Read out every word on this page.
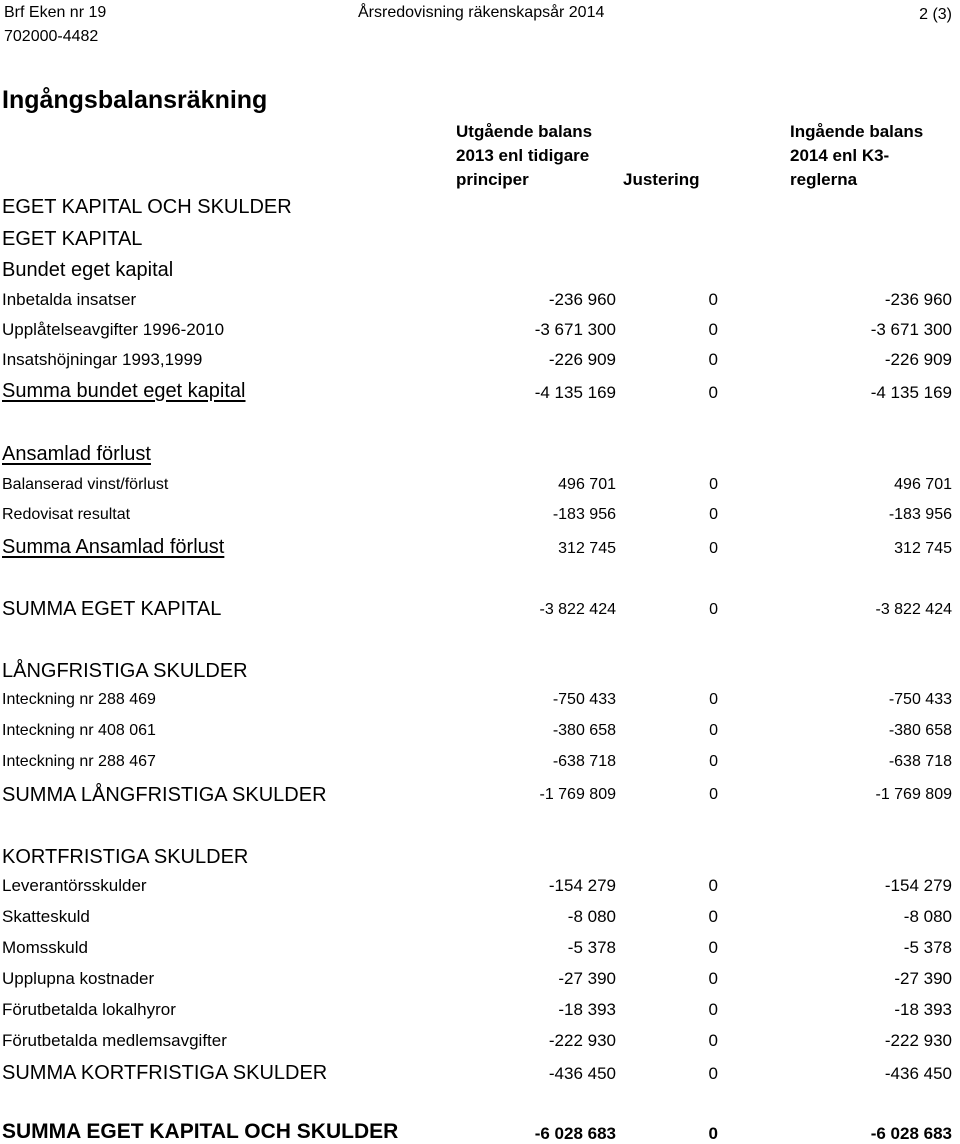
Brf Eken nr 19
702000-4482
Årsredovisning räkenskapsår 2014	2 (3)
Ingångsbalansräkning
Utgående balans
2013 enl tidigare
principer	Justering
Ingående balans
2014 enl K3-
reglerna
EGET KAPITAL OCH SKULDER
EGET KAPITAL
Bundet eget kapital
Inbetalda insatser	-236 960	0	-236 960
Upplåtelseavgifter 1996-2010	-3 671 300	0	-3 671 300
Insatshöjningar 1993,1999	-226 909	0	-226 909
Summa bundet eget kapital	-4 135 169	0	-4 135 169
Ansamlad förlust
Balanserad vinst/förlust	496 701	0	496 701
Redovisat resultat	-183 956	0	-183 956
Summa Ansamlad förlust	312 745	0	312 745
SUMMA EGET KAPITAL	-3 822 424	0	-3 822 424
LÅNGFRISTIGA SKULDER
Inteckning nr 288 469	-750 433	0	-750 433
Inteckning nr 408 061	-380 658	0	-380 658
Inteckning nr 288 467	-638 718	0	-638 718
SUMMA LÅNGFRISTIGA SKULDER	-1 769 809	0	-1 769 809
KORTFRISTIGA SKULDER
Leverantörsskulder	-154 279	0	-154 279
Skatteskuld	-8 080	0	-8 080
Momsskuld	-5 378	0	-5 378
Upplupna kostnader	-27 390	0	-27 390
Förutbetalda lokalhyror	-18 393	0	-18 393
Förutbetalda medlemsavgifter	-222 930	0	-222 930
SUMMA KORTFRISTIGA SKULDER	-436 450	0	-436 450
SUMMA EGET KAPITAL OCH SKULDER	-6 028 683	0	-6 028 683
